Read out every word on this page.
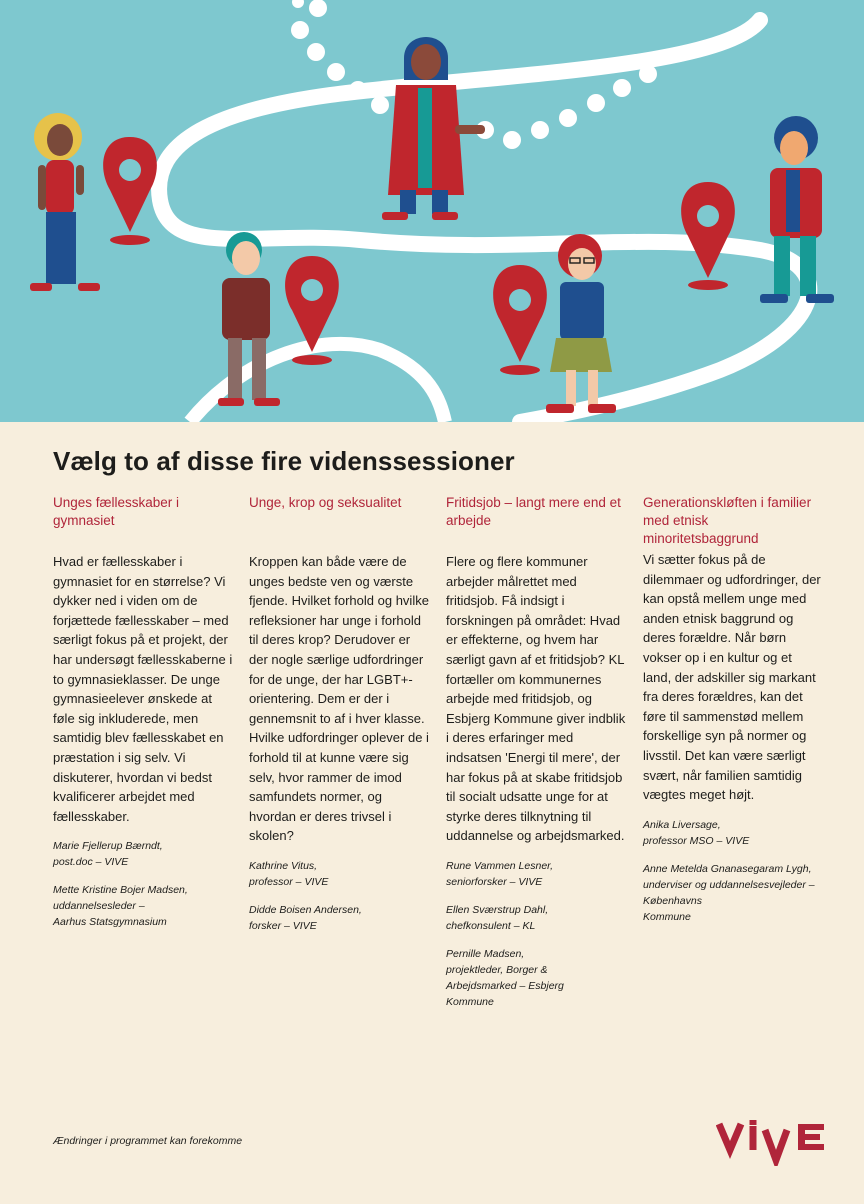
Vælg to af disse fire videnssessioner
Unges fællesskaber i gymnasiet

Hvad er fællesskaber i gymnasiet for en størrelse? Vi dykker ned i viden om de forjættede fællesskaber – med særligt fokus på et projekt, der har undersøgt fællesskaberne i to gymnasieklasser. De unge gymnasieelever ønskede at føle sig inkluderede, men samtidig blev fællesskabet en præstation i sig selv. Vi diskuterer, hvordan vi bedst kvalificerer arbejdet med fællesskaber.

Marie Fjellerup Bærndt,
post.doc – VIVE
Mette Kristine Bojer Madsen,
uddannelsesleder –
Aarhus Statsgymnasium
Unge, krop og seksualitet

Kroppen kan både være de unges bedste ven og værste fjende. Hvilket forhold og hvilke refleksioner har unge i forhold til deres krop? Derudover er der nogle særlige udfordringer for de unge, der har LGBT+-orientering. Dem er der i gennemsnit to af i hver klasse. Hvilke udfordringer oplever de i forhold til at kunne være sig selv, hvor rammer de imod samfundets normer, og hvordan er deres trivsel i skolen?

Kathrine Vitus,
professor – VIVE
Didde Boisen Andersen,
forsker – VIVE
Fritidsjob – langt mere end et arbejde

Flere og flere kommuner arbejder målrettet med fritidsjob. Få indsigt i forskningen på området: Hvad er effekterne, og hvem har særligt gavn af et fritidsjob? KL fortæller om kommunernes arbejde med fritidsjob, og Esbjerg Kommune giver indblik i deres erfaringer med indsatsen 'Energi til mere', der har fokus på at skabe fritidsjob til socialt udsatte unge for at styrke deres tilknytning til uddannelse og arbejdsmarked.

Rune Vammen Lesner,
seniorforsker – VIVE
Ellen Sværstrup Dahl,
chefkonsulent – KL
Pernille Madsen,
projektleder, Borger &
Arbejdsmarked – Esbjerg
Kommune
Generationskløften i familier med etnisk minoritetsbaggrund

Vi sætter fokus på de dilemmaer og udfordringer, der kan opstå mellem unge med anden etnisk baggrund og deres forældre. Når børn vokser op i en kultur og et land, der adskiller sig markant fra deres forældres, kan det føre til sammenstød mellem forskellige syn på normer og livsstil. Det kan være særligt svært, når familien samtidig vægtes meget højt.

Anika Liversage,
professor MSO – VIVE
Anne Metelda Gnanasegaram Lygh,
underviser og uddannelsesvejleder – Københavns
Kommune
Ændringer i programmet kan forekomme
